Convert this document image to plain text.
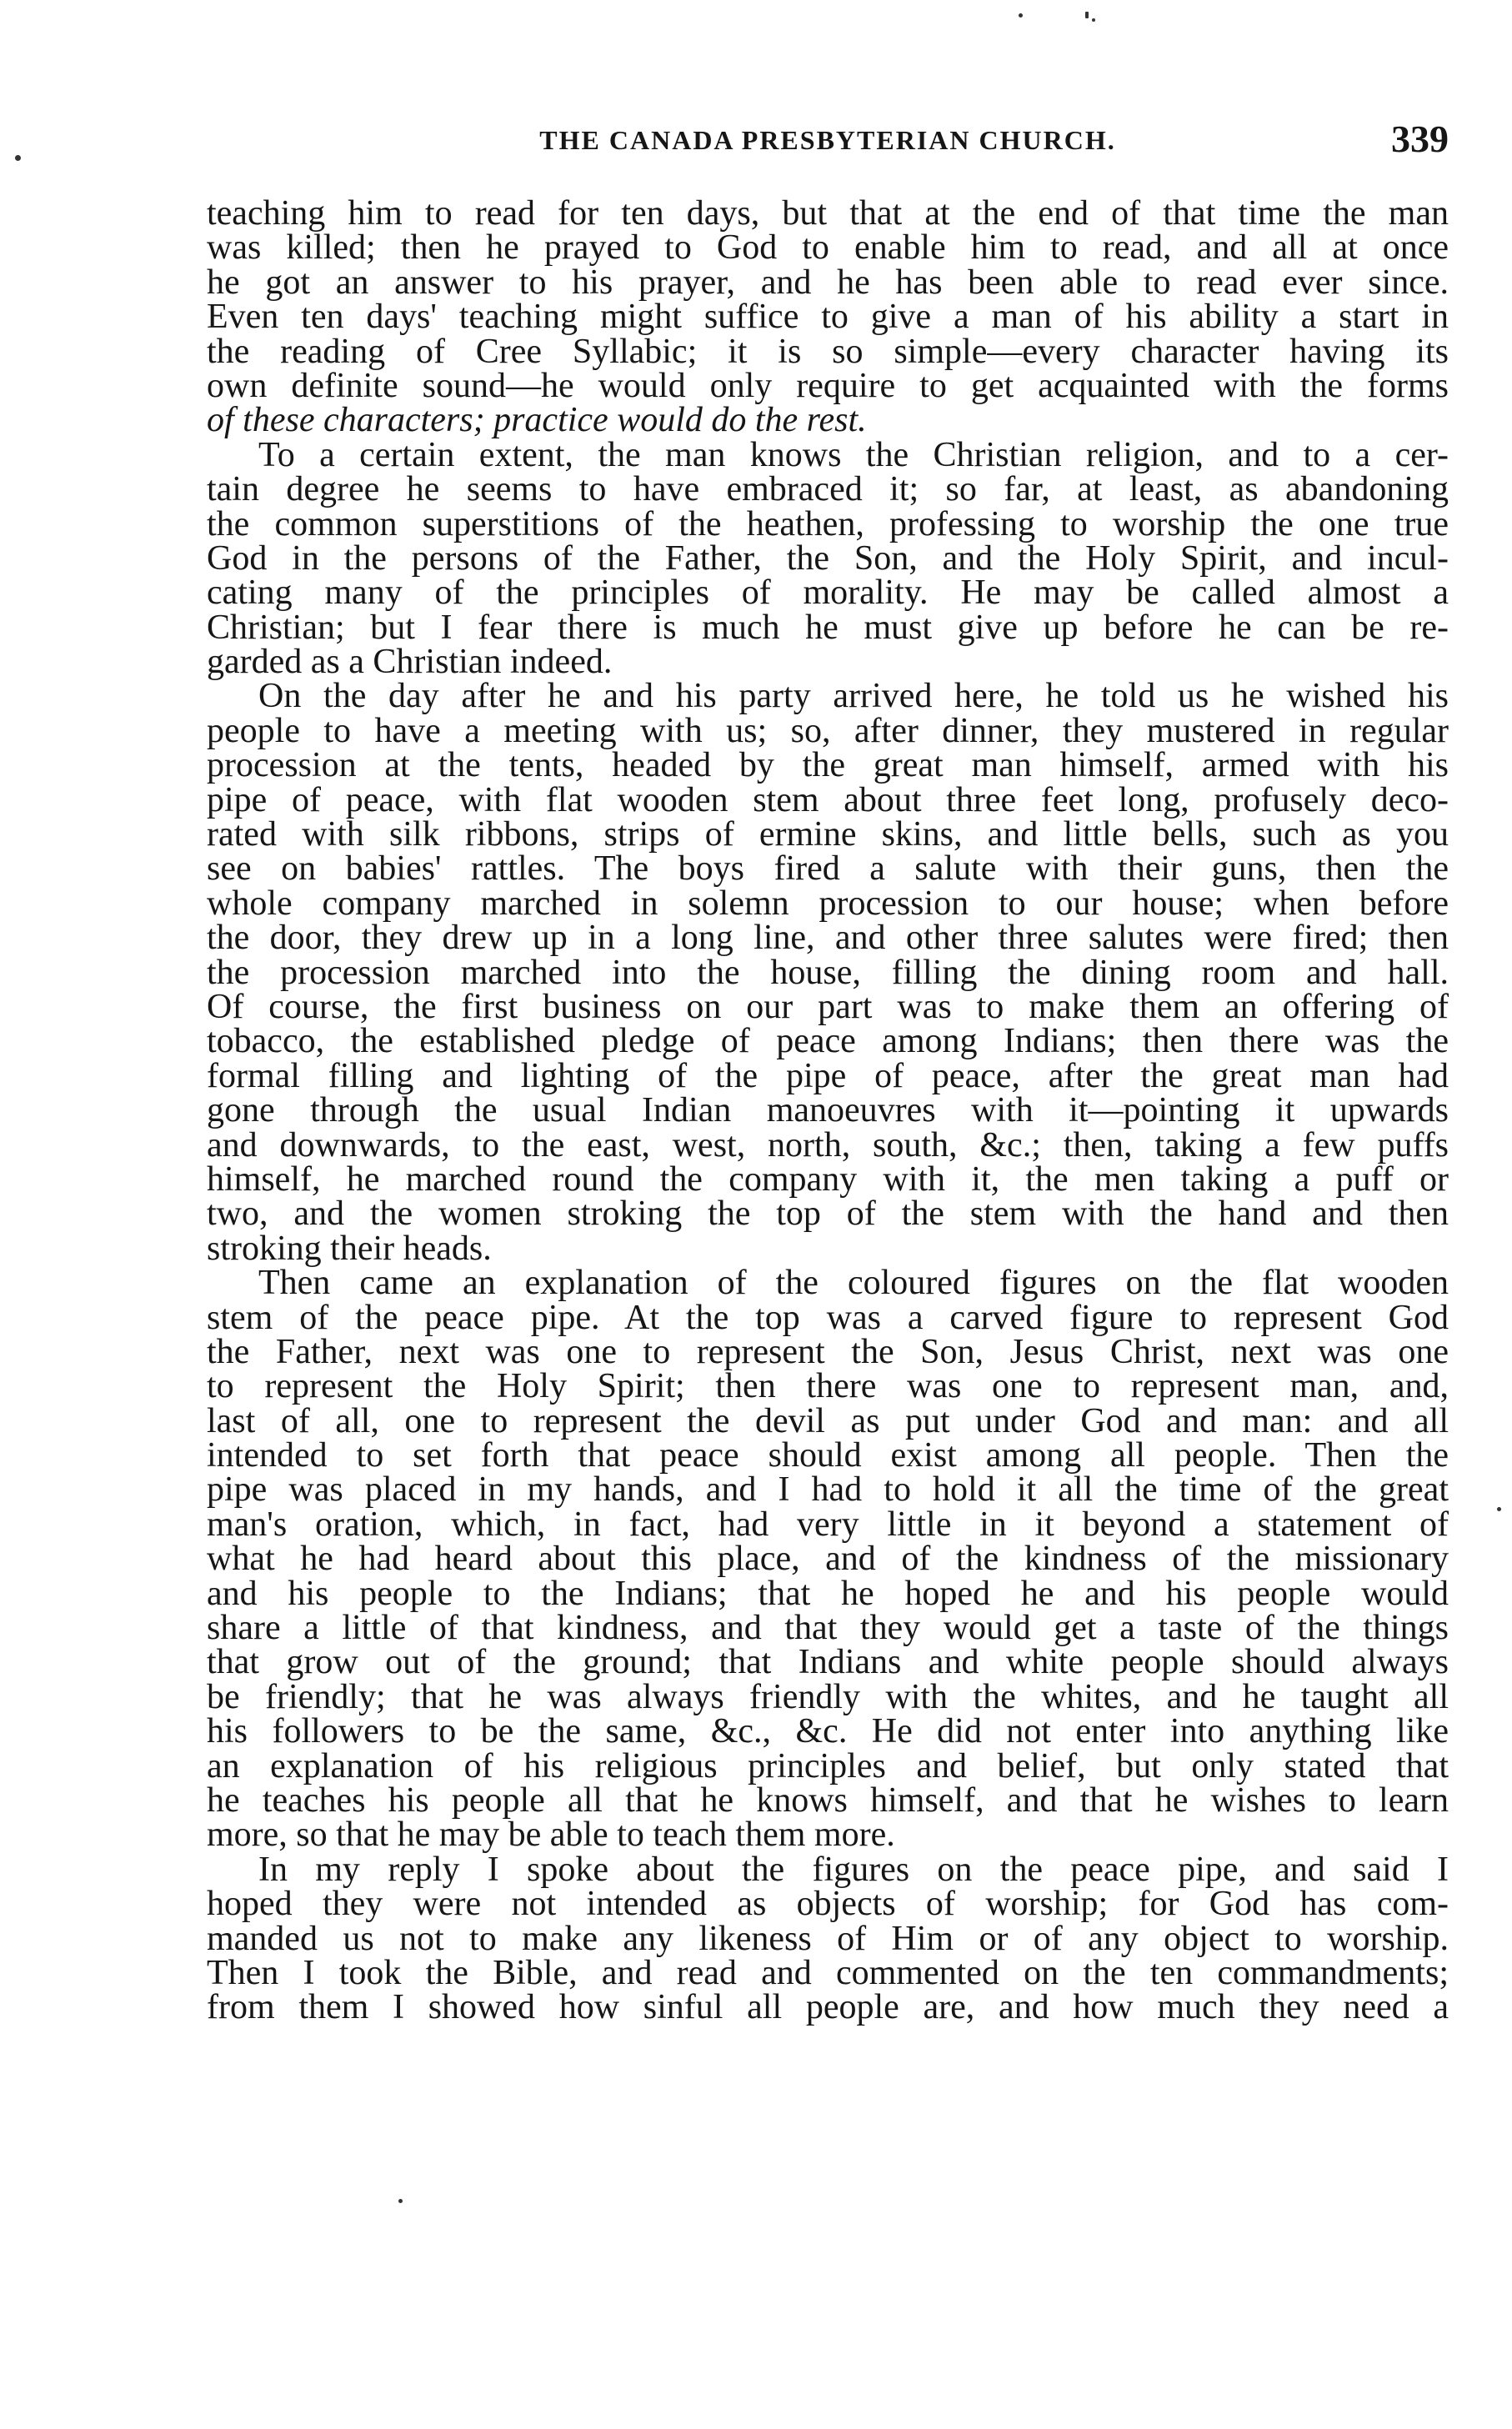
THE CANADA PRESBYTERIAN CHURCH.	339
teaching him to read for ten days, but that at the end of that time the man
was killed; then he prayed to God to enable him to read, and all at once
he got an answer to his prayer, and he has been able to read ever since.
Even ten days' teaching might suffice to give a man of his ability a start in
the reading of Cree Syllabic; it is so simple—every character having its
own definite sound—he would only require to get acquainted with the forms
of these characters; practice would do the rest.
To a certain extent, the man knows the Christian religion, and to a cer-
tain degree he seems to have embraced it; so far, at least, as abandoning
the common superstitions of the heathen, professing to worship the one true
God in the persons of the Father, the Son, and the Holy Spirit, and incul-
cating many of the principles of morality. He may be called almost a
Christian; but I fear there is much he must give up before he can be re-
garded as a Christian indeed.
On the day after he and his party arrived here, he told us he wished his
people to have a meeting with us; so, after dinner, they mustered in regular
procession at the tents, headed by the great man himself, armed with his
pipe of peace, with flat wooden stem about three feet long, profusely deco-
rated with silk ribbons, strips of ermine skins, and little bells, such as you
see on babies' rattles. The boys fired a salute with their guns, then the
whole company marched in solemn procession to our house; when before
the door, they drew up in a long line, and other three salutes were fired; then
the procession marched into the house, filling the dining room and hall.
Of course, the first business on our part was to make them an offering of
tobacco, the established pledge of peace among Indians; then there was the
formal filling and lighting of the pipe of peace, after the great man had
gone through the usual Indian manoeuvres with it—pointing it upwards
and downwards, to the east, west, north, south, &c.; then, taking a few puffs
himself, he marched round the company with it, the men taking a puff or
two, and the women stroking the top of the stem with the hand and then
stroking their heads.
Then came an explanation of the coloured figures on the flat wooden
stem of the peace pipe. At the top was a carved figure to represent God
the Father, next was one to represent the Son, Jesus Christ, next was one
to represent the Holy Spirit; then there was one to represent man, and,
last of all, one to represent the devil as put under God and man: and all
intended to set forth that peace should exist among all people. Then the
pipe was placed in my hands, and I had to hold it all the time of the great
man's oration, which, in fact, had very little in it beyond a statement of
what he had heard about this place, and of the kindness of the missionary
and his people to the Indians; that he hoped he and his people would
share a little of that kindness, and that they would get a taste of the things
that grow out of the ground; that Indians and white people should always
be friendly; that he was always friendly with the whites, and he taught all
his followers to be the same, &c., &c. He did not enter into anything like
an explanation of his religious principles and belief, but only stated that
he teaches his people all that he knows himself, and that he wishes to learn
more, so that he may be able to teach them more.
In my reply I spoke about the figures on the peace pipe, and said I
hoped they were not intended as objects of worship; for God has com-
manded us not to make any likeness of Him or of any object to worship.
Then I took the Bible, and read and commented on the ten commandments;
from them I showed how sinful all people are, and how much they need a
